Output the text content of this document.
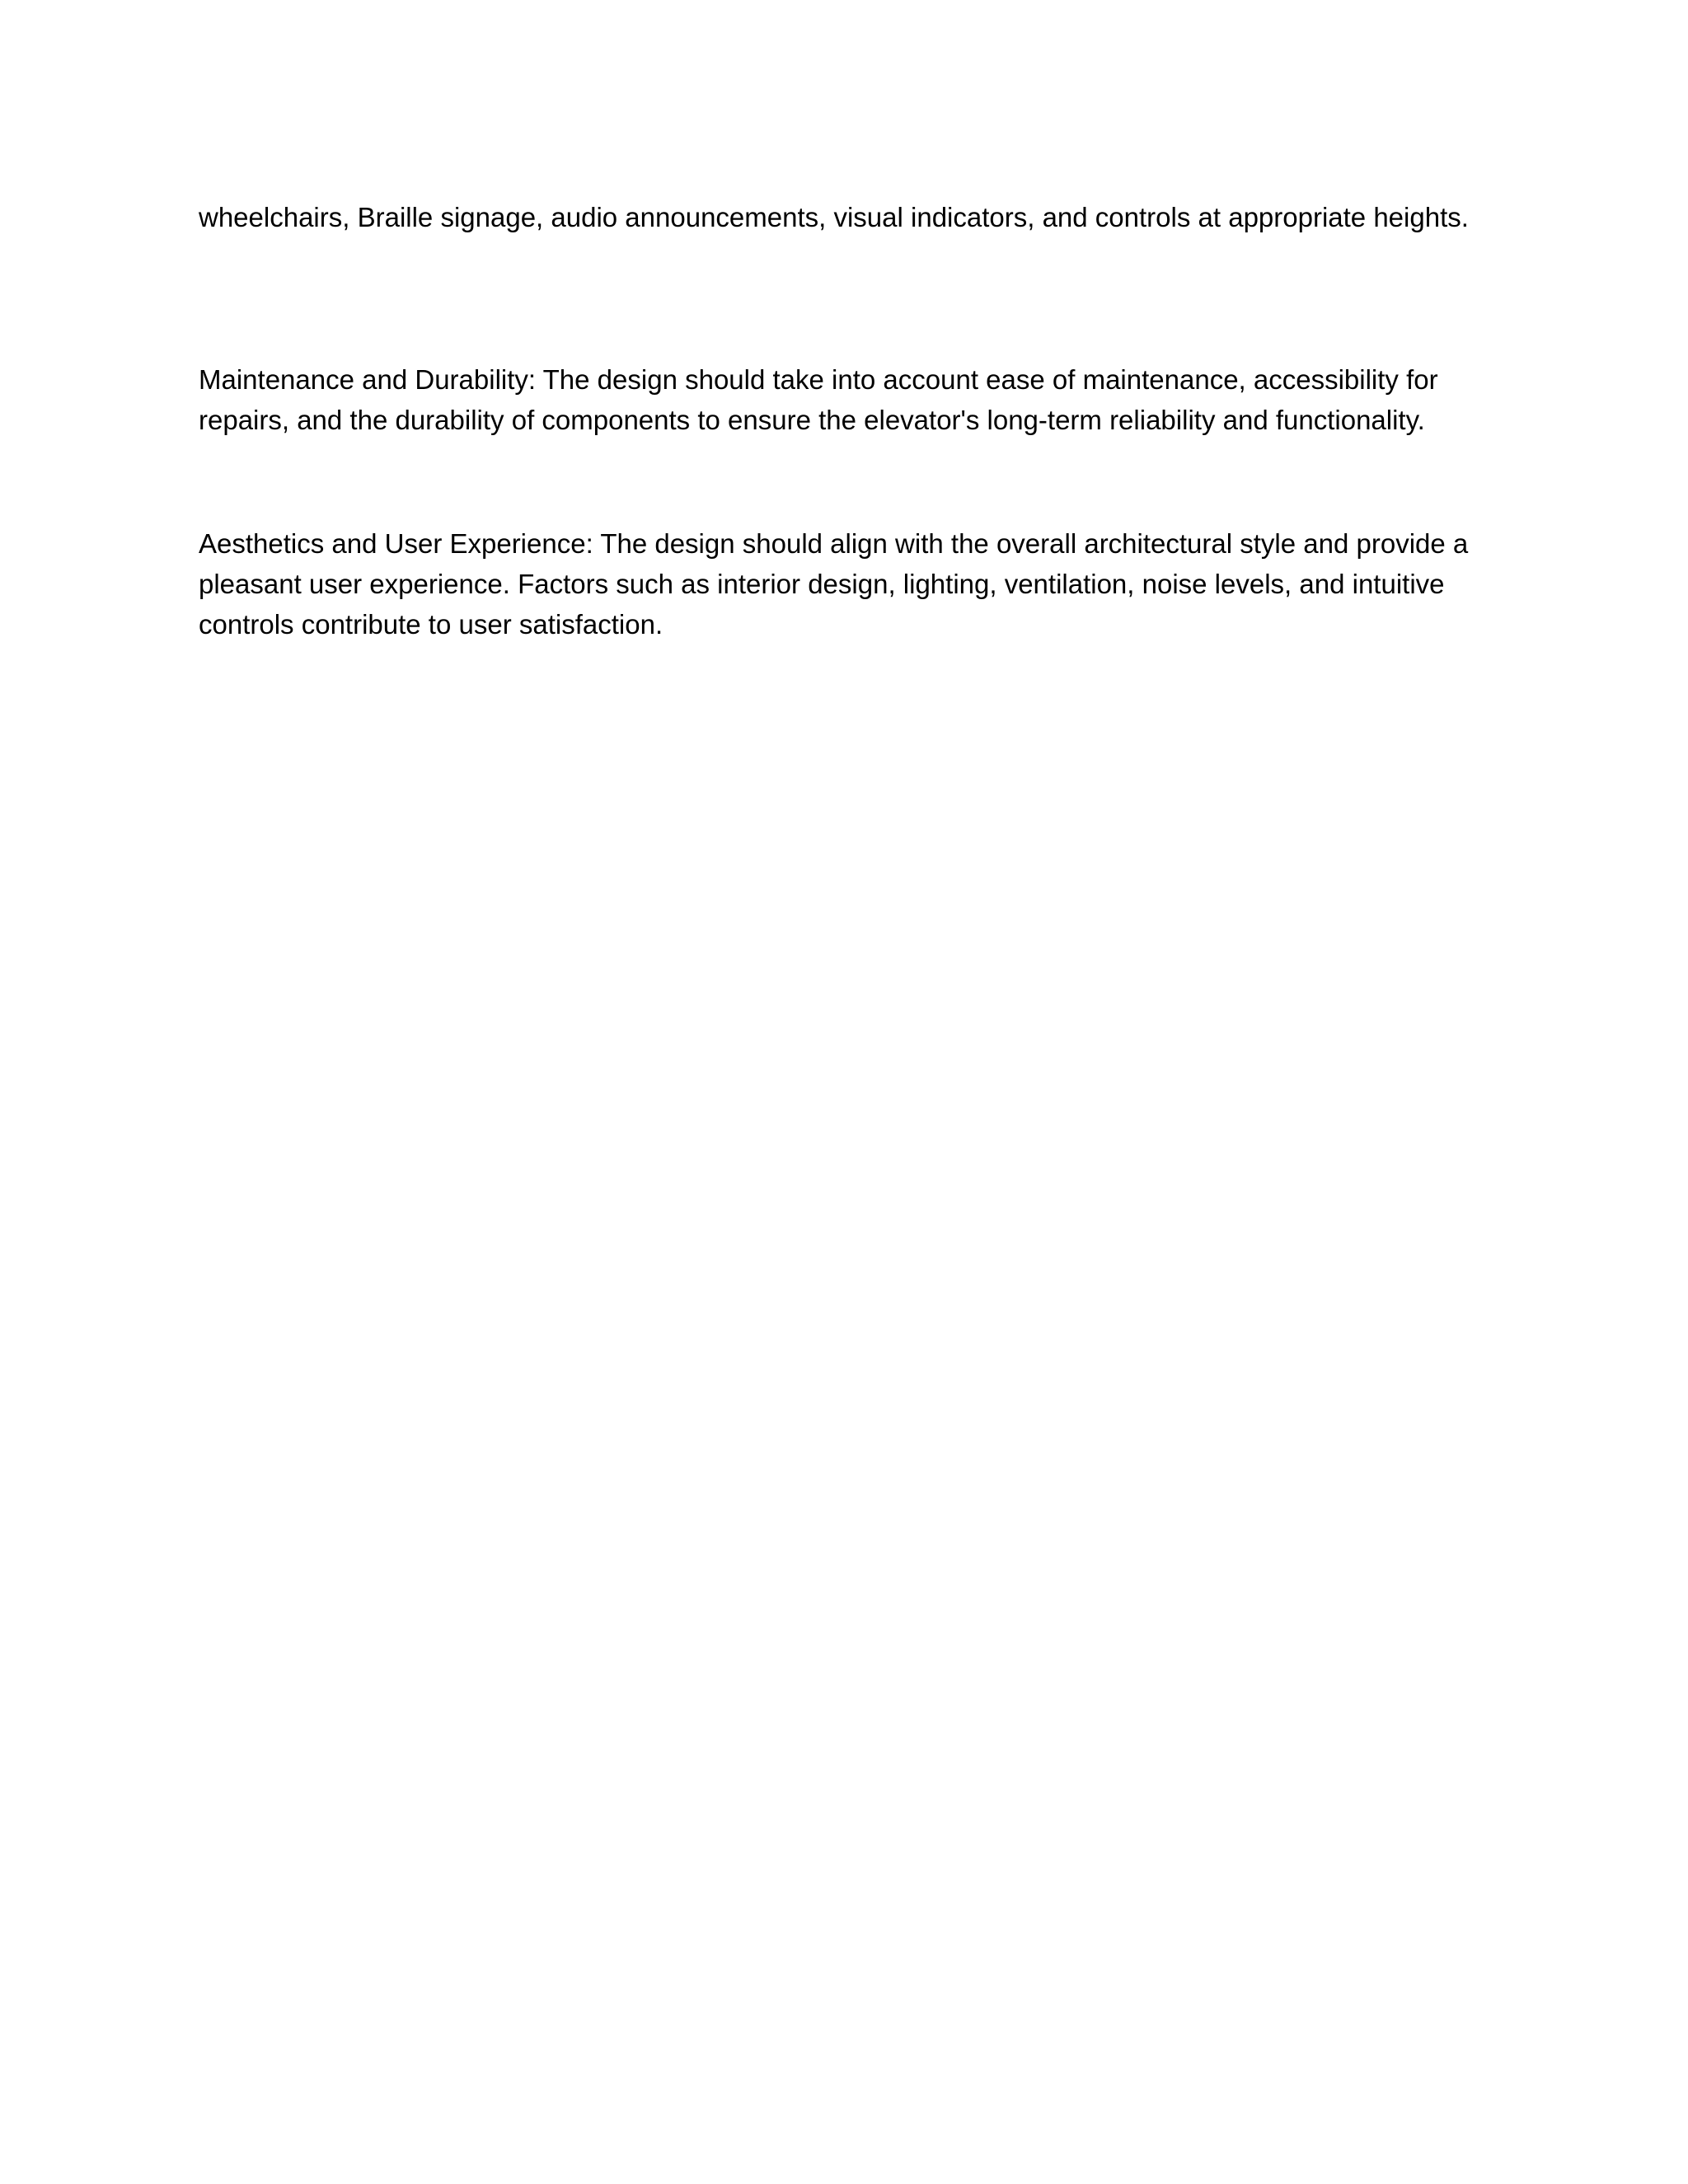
wheelchairs, Braille signage, audio announcements, visual indicators, and controls at appropriate heights.

Maintenance and Durability: The design should take into account ease of maintenance, accessibility for repairs, and the durability of components to ensure the elevator's long-term reliability and functionality.

Aesthetics and User Experience: The design should align with the overall architectural style and provide a pleasant user experience. Factors such as interior design, lighting, ventilation, noise levels, and intuitive controls contribute to user satisfaction.
